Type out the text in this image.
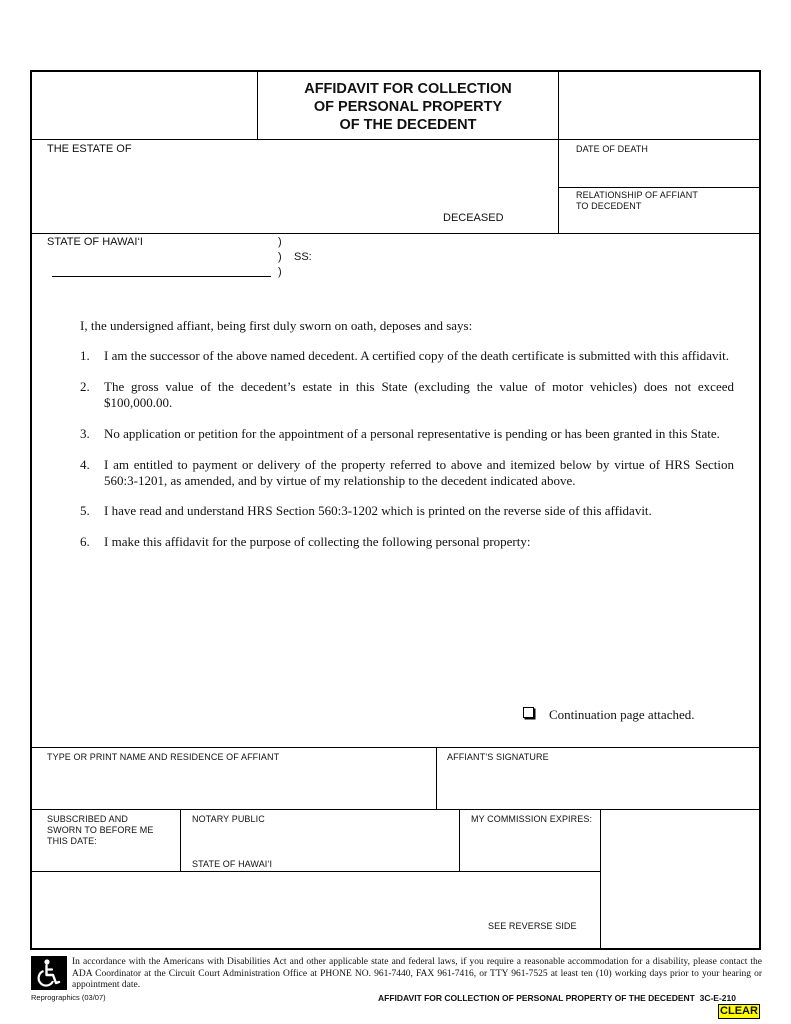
AFFIDAVIT FOR COLLECTION
OF PERSONAL PROPERTY
OF THE DECEDENT
THE ESTATE OF
DECEASED
DATE OF DEATH
RELATIONSHIP OF AFFIANT
TO DECEDENT
STATE OF HAWAI‘I	)
) SS:
)
I, the undersigned affiant, being first duly sworn on oath, deposes and says:
1.	I am the successor of the above named decedent. A certified copy of the death certificate is submitted with this affidavit.
2.	The gross value of the decedent’s estate in this State (excluding the value of motor vehicles) does not exceed $100,000.00.
3.	No application or petition for the appointment of a personal representative is pending or has been granted in this State.
4.	I am entitled to payment or delivery of the property referred to above and itemized below by virtue of HRS Section 560:3-1201, as amended, and by virtue of my relationship to the decedent indicated above.
5.	I have read and understand HRS Section 560:3-1202 which is printed on the reverse side of this affidavit.
6.	I make this affidavit for the purpose of collecting the following personal property:
Continuation page attached.
TYPE OR PRINT NAME AND RESIDENCE OF AFFIANT	AFFIANT’S SIGNATURE
SUBSCRIBED AND
SWORN TO BEFORE ME
THIS DATE:
NOTARY PUBLIC
STATE OF HAWAI‘I
MY COMMISSION EXPIRES:
SEE REVERSE SIDE
In accordance with the Americans with Disabilities Act and other applicable state and federal laws, if you require a reasonable accommodation for a disability, please contact the ADA Coordinator at the Circuit Court Administration Office at PHONE NO. 961-7440, FAX 961-7416, or TTY 961-7525 at least ten (10) working days prior to your hearing or appointment date.
Reprographics (03/07)	AFFIDAVIT FOR COLLECTION OF PERSONAL PROPERTY OF THE DECEDENT 3C-E-210
CLEAR
